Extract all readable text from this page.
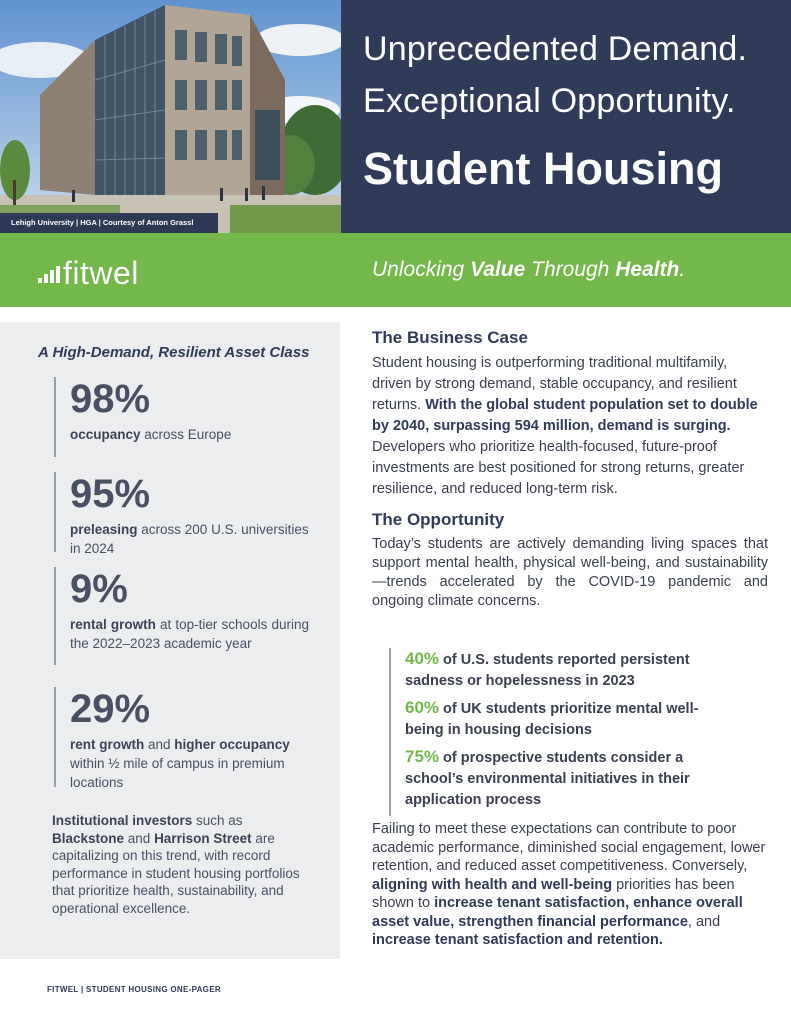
Lehigh University | HGA | Courtesy of Anton Grassl
Unprecedented Demand.
Exceptional Opportunity.
Student Housing
fitwel	Unlocking Value Through Health.
A High-Demand, Resilient Asset Class
98%
occupancy across Europe
95%
preleasing across 200 U.S. universities in 2024
9%
rental growth at top-tier schools during the 2022–2023 academic year
29%
rent growth and higher occupancy within ½ mile of campus in premium locations
Institutional investors such as Blackstone and Harrison Street are capitalizing on this trend, with record performance in student housing portfolios that prioritize health, sustainability, and operational excellence.
The Business Case
Student housing is outperforming traditional multifamily, driven by strong demand, stable occupancy, and resilient returns. With the global student population set to double by 2040, surpassing 594 million, demand is surging. Developers who prioritize health-focused, future-proof investments are best positioned for strong returns, greater resilience, and reduced long-term risk.
The Opportunity
Today’s students are actively demanding living spaces that support mental health, physical well-being, and sustainability—trends accelerated by the COVID-19 pandemic and ongoing climate concerns.
40% of U.S. students reported persistent sadness or hopelessness in 2023
60% of UK students prioritize mental well-being in housing decisions
75% of prospective students consider a school’s environmental initiatives in their application process
Failing to meet these expectations can contribute to poor academic performance, diminished social engagement, lower retention, and reduced asset competitiveness. Conversely, aligning with health and well-being priorities has been shown to increase tenant satisfaction, enhance overall asset value, strengthen financial performance, and increase tenant satisfaction and retention.
FITWEL | STUDENT HOUSING ONE-PAGER
